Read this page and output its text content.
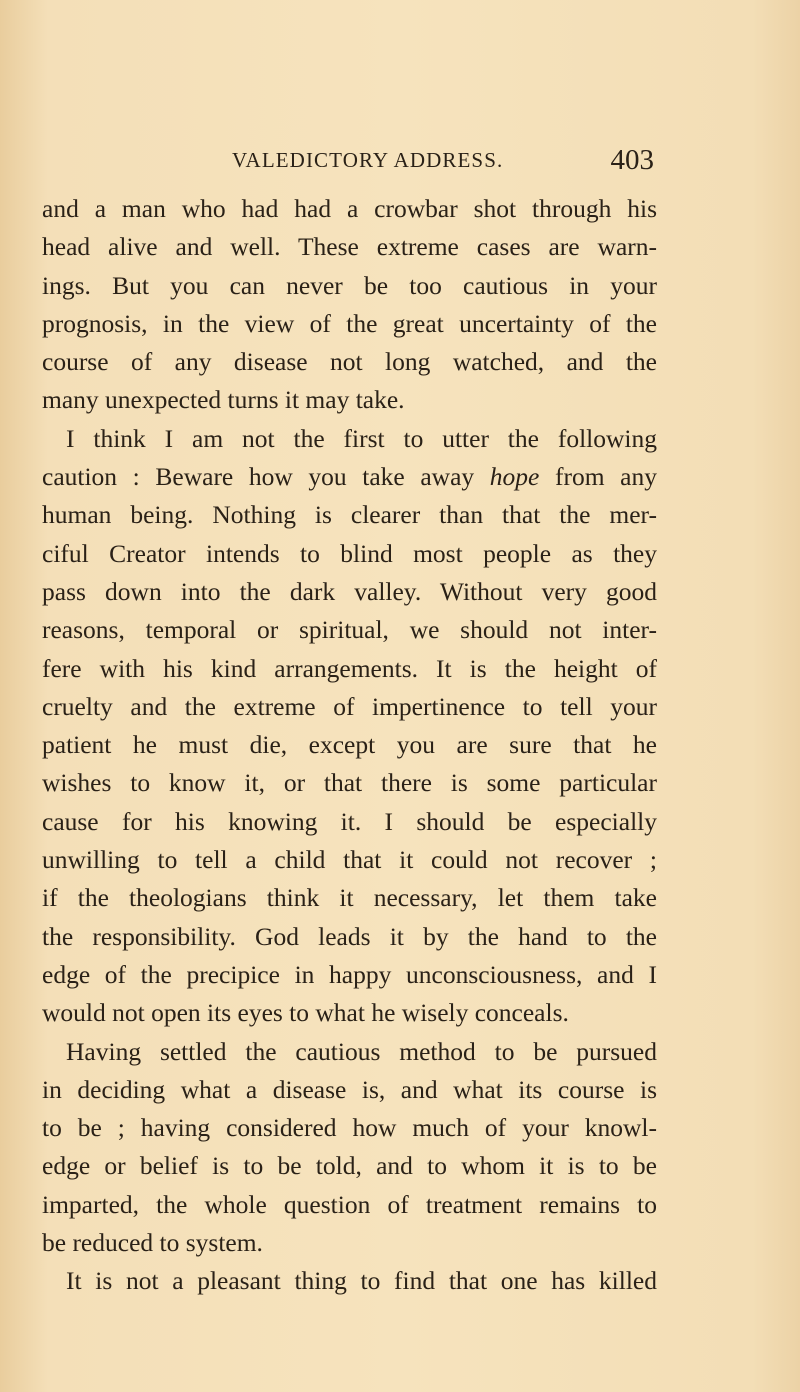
VALEDICTORY ADDRESS.	403
and a man who had had a crowbar shot through his
head alive and well. These extreme cases are warn-
ings. But you can never be too cautious in your
prognosis, in the view of the great uncertainty of the
course of any disease not long watched, and the
many unexpected turns it may take.
I think I am not the first to utter the following
caution : Beware how you take away hope from any
human being. Nothing is clearer than that the mer-
ciful Creator intends to blind most people as they
pass down into the dark valley. Without very good
reasons, temporal or spiritual, we should not inter-
fere with his kind arrangements. It is the height of
cruelty and the extreme of impertinence to tell your
patient he must die, except you are sure that he
wishes to know it, or that there is some particular
cause for his knowing it. I should be especially
unwilling to tell a child that it could not recover ;
if the theologians think it necessary, let them take
the responsibility. God leads it by the hand to the
edge of the precipice in happy unconsciousness, and I
would not open its eyes to what he wisely conceals.
Having settled the cautious method to be pursued
in deciding what a disease is, and what its course is
to be ; having considered how much of your knowl-
edge or belief is to be told, and to whom it is to be
imparted, the whole question of treatment remains to
be reduced to system.
It is not a pleasant thing to find that one has killed
